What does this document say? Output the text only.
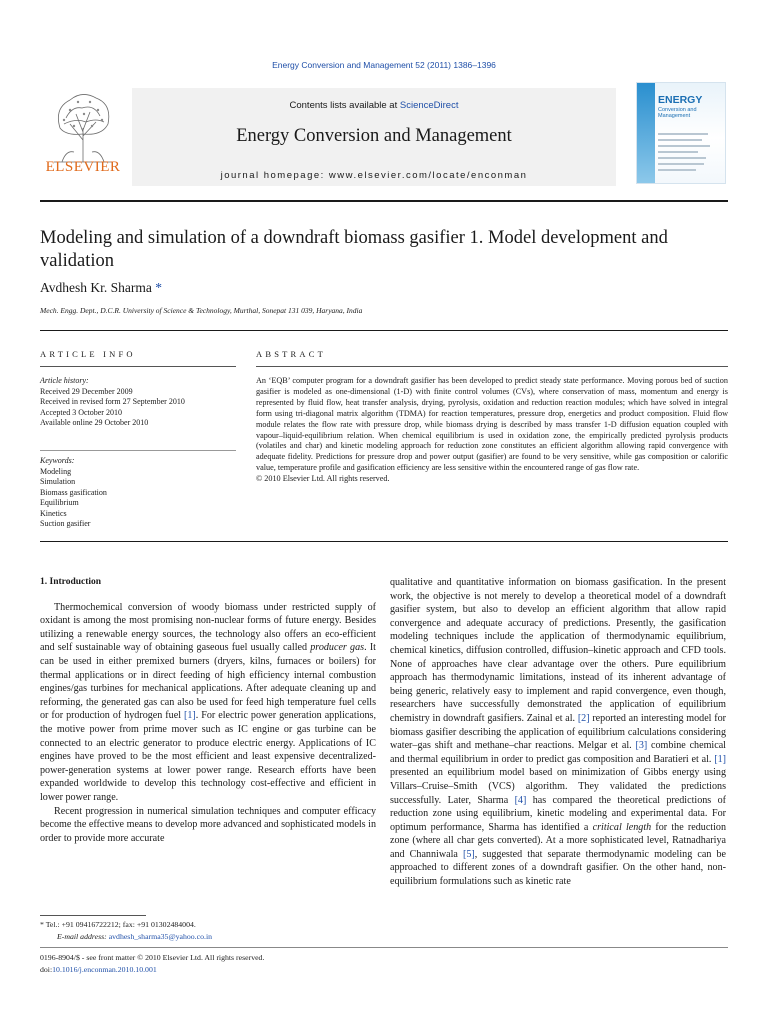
Energy Conversion and Management 52 (2011) 1386–1396
ELSEVIER
Contents lists available at ScienceDirect
Energy Conversion and Management
journal homepage: www.elsevier.com/locate/enconman
ENERGY
Conversion and Management
Modeling and simulation of a downdraft biomass gasifier 1. Model development and validation
Avdhesh Kr. Sharma *
Mech. Engg. Dept., D.C.R. University of Science & Technology, Murthal, Sonepat 131 039, Haryana, India
ARTICLE INFO	ABSTRACT
Article history:
Received 29 December 2009
Received in revised form 27 September 2010
Accepted 3 October 2010
Available online 29 October 2010
Keywords:
Modeling
Simulation
Biomass gasification
Equilibrium
Kinetics
Suction gasifier
An ‘EQB’ computer program for a downdraft gasifier has been developed to predict steady state performance. Moving porous bed of suction gasifier is modeled as one-dimensional (1-D) with finite control volumes (CVs), where conservation of mass, momentum and energy is represented by fluid flow, heat transfer analysis, drying, pyrolysis, oxidation and reduction reaction modules; which have solved in integral form using tri-diagonal matrix algorithm (TDMA) for reaction temperatures, pressure drop, energetics and product composition. Fluid flow module relates the flow rate with pressure drop, while biomass drying is described by mass transfer 1-D diffusion equation coupled with vapour–liquid-equilibrium relation. When chemical equilibrium is used in oxidation zone, the empirically predicted pyrolysis products (volatiles and char) and kinetic modeling approach for reduction zone constitutes an efficient algorithm allowing rapid convergence with adequate fidelity. Predictions for pressure drop and power output (gasifier) are found to be very sensitive, while gas composition or calorific value, temperature profile and gasification efficiency are less sensitive within the encountered range of gas flow rate.
© 2010 Elsevier Ltd. All rights reserved.
1. Introduction

Thermochemical conversion of woody biomass under restricted supply of oxidant is among the most promising non-nuclear forms of future energy. Besides utilizing a renewable energy sources, the technology also offers an eco-efficient and self sustainable way of obtaining gaseous fuel usually called producer gas. It can be used in either premixed burners (dryers, kilns, furnaces or boilers) for thermal applications or in direct feeding of high efficiency internal combustion engines/gas turbines for mechanical applications. After adequate cleaning up and reforming, the generated gas can also be used for feed high temperature fuel cells or for production of hydrogen fuel [1]. For electric power generation applications, the motive power from prime mover such as IC engine or gas turbine can be connected to an electric generator to produce electric energy. Applications of IC engines have proved to be the most efficient and least expensive decentralized-power-generation systems at lower power range. Research efforts have been expanded worldwide to develop this technology cost-effective and efficient in lower power range.

Recent progression in numerical simulation techniques and computer efficacy become the effective means to develop more advanced and sophisticated models in order to provide more accurate

qualitative and quantitative information on biomass gasification. In the present work, the objective is not merely to develop a theoretical model of a downdraft gasifier system, but also to develop an efficient algorithm that allow rapid convergence and adequate accuracy of predictions. Presently, the gasification modeling techniques include the application of thermodynamic equilibrium, chemical kinetics, diffusion controlled, diffusion–kinetic approach and CFD tools. None of approaches have clear advantage over the others. Pure equilibrium approach has thermodynamic limitations, instead of its inherent advantage of being generic, relatively easy to implement and rapid convergence, even though, researchers have successfully demonstrated the application of equilibrium chemistry in downdraft gasifiers. Zainal et al. [2] reported an interesting model for biomass gasifier describing the application of equilibrium calculations considering water–gas shift and methane–char reactions. Melgar et al. [3] combine chemical and thermal equilibrium in order to predict gas composition and Baratieri et al. [1] presented an equilibrium model based on minimization of Gibbs energy using Villars–Cruise–Smith (VCS) algorithm. They validated the predictions successfully. Later, Sharma [4] has compared the theoretical predictions of reduction zone using equilibrium, kinetic modeling and experimental data. For optimum performance, Sharma has identified a critical length for the reduction zone (where all char gets converted). At a more sophisticated level, Ratnadhariya and Channiwala [5], suggested that separate thermodynamic modeling can be approached to different zones of a downdraft gasifier. On the other hand, non-equilibrium formulations such as kinetic rate

* Tel.: +91 09416722212; fax: +91 01302484004.
E-mail address: avdhesh_sharma35@yahoo.co.in
0196-8904/$ - see front matter © 2010 Elsevier Ltd. All rights reserved.
doi:10.1016/j.enconman.2010.10.001
